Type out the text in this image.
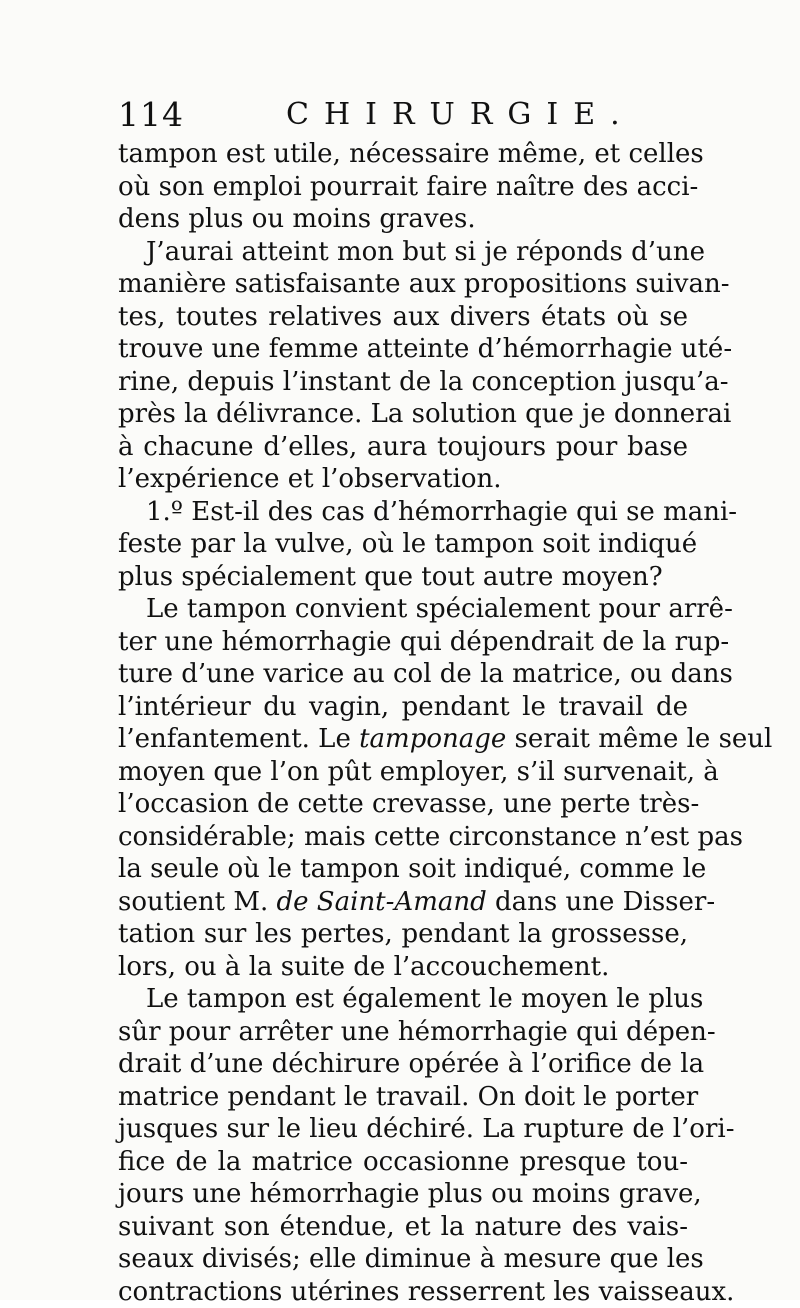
114	CHIRURGIE.
tampon est utile, nécessaire même, et celles
où son emploi pourrait faire naître des acci-
dens plus ou moins graves.
J’aurai atteint mon but si je réponds d’une
manière satisfaisante aux propositions suivan-
tes, toutes relatives aux divers états où se
trouve une femme atteinte d’hémorrhagie uté-
rine, depuis l’instant de la conception jusqu’a-
près la délivrance. La solution que je donnerai
à chacune d’elles, aura toujours pour base
l’expérience et l’observation.
1.º Est-il des cas d’hémorrhagie qui se mani-
feste par la vulve, où le tampon soit indiqué
plus spécialement que tout autre moyen?
Le tampon convient spécialement pour arrê-
ter une hémorrhagie qui dépendrait de la rup-
ture d’une varice au col de la matrice, ou dans
l’intérieur du vagin, pendant le travail de
l’enfantement. Le tamponage serait même le seul
moyen que l’on pût employer, s’il survenait, à
l’occasion de cette crevasse, une perte très-
considérable; mais cette circonstance n’est pas
la seule où le tampon soit indiqué, comme le
soutient M. de Saint-Amand dans une Disser-
tation sur les pertes, pendant la grossesse,
lors, ou à la suite de l’accouchement.
Le tampon est également le moyen le plus
sûr pour arrêter une hémorrhagie qui dépen-
drait d’une déchirure opérée à l’orifice de la
matrice pendant le travail. On doit le porter
jusques sur le lieu déchiré. La rupture de l’ori-
fice de la matrice occasionne presque tou-
jours une hémorrhagie plus ou moins grave,
suivant son étendue, et la nature des vais-
seaux divisés; elle diminue à mesure que les
contractions utérines resserrent les vaisseaux.
